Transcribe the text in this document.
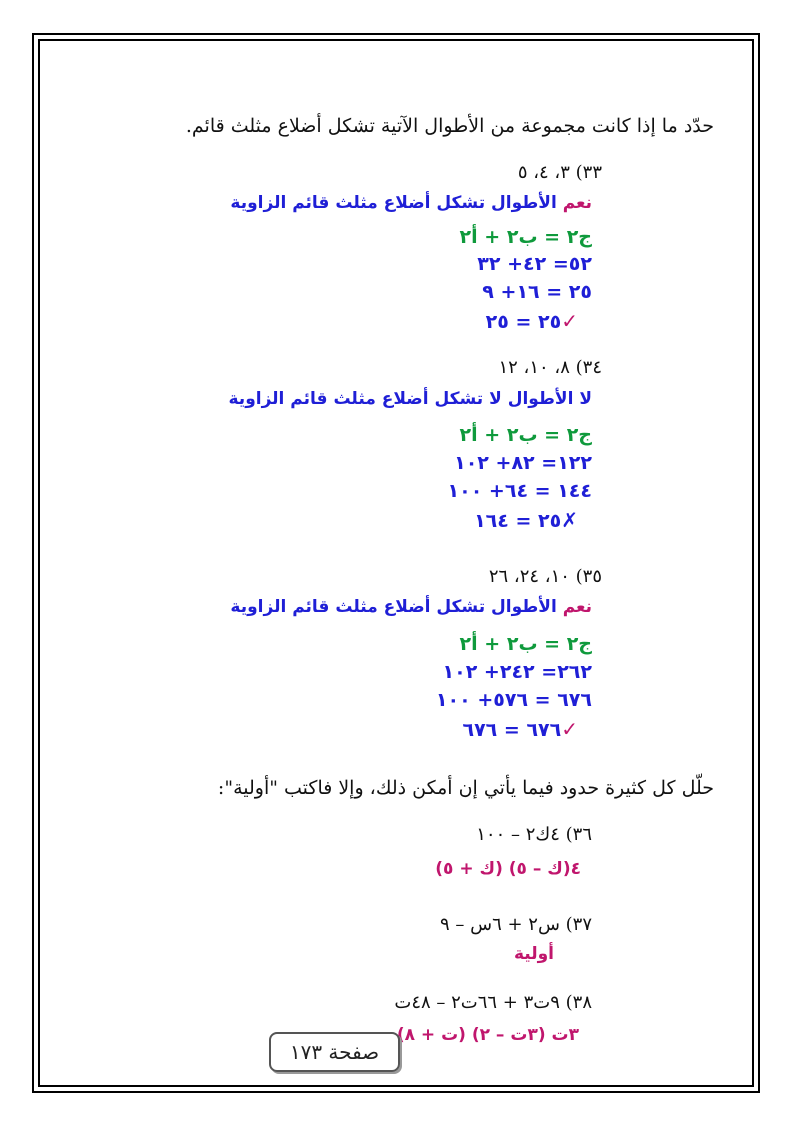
حدّد ما إذا كانت مجموعة من الأطوال الآتية تشكل أضلاع مثلث قائم.
٣٣) ٣، ٤، ٥
نعم الأطوال تشكل أضلاع مثلث قائم الزاوية
ج٢ = ب٢ + أ٢
٥٢= ٤٢+ ٣٢
٢٥ = ١٦+ ٩
٢٥ = ٢٥✓
٣٤) ٨، ١٠، ١٢
لا الأطوال لا تشكل أضلاع مثلث قائم الزاوية
ج٢ = ب٢ + أ٢
١٢٢= ٨٢+ ١٠٢
١٤٤ = ٦٤+ ١٠٠
٢٥ = ١٦٤✗
٣٥) ١٠، ٢٤، ٢٦
نعم الأطوال تشكل أضلاع مثلث قائم الزاوية
ج٢ = ب٢ + أ٢
٢٦٢= ٢٤٢+ ١٠٢
٦٧٦ = ٥٧٦+ ١٠٠
٦٧٦ = ٦٧٦✓
حلّل كل كثيرة حدود فيما يأتي إن أمكن ذلك، وإلا فاكتب "أولية":
٣٦) ٤ك٢ – ١٠٠
٤(ك – ٥) (ك + ٥)
٣٧) س٢ + ٦س – ٩
أولية
٣٨) ٩ت٣ + ٦٦ت٢ – ٤٨ت
٣ت (٣ت – ٢) (ت + ٨)
صفحة ١٧٣
